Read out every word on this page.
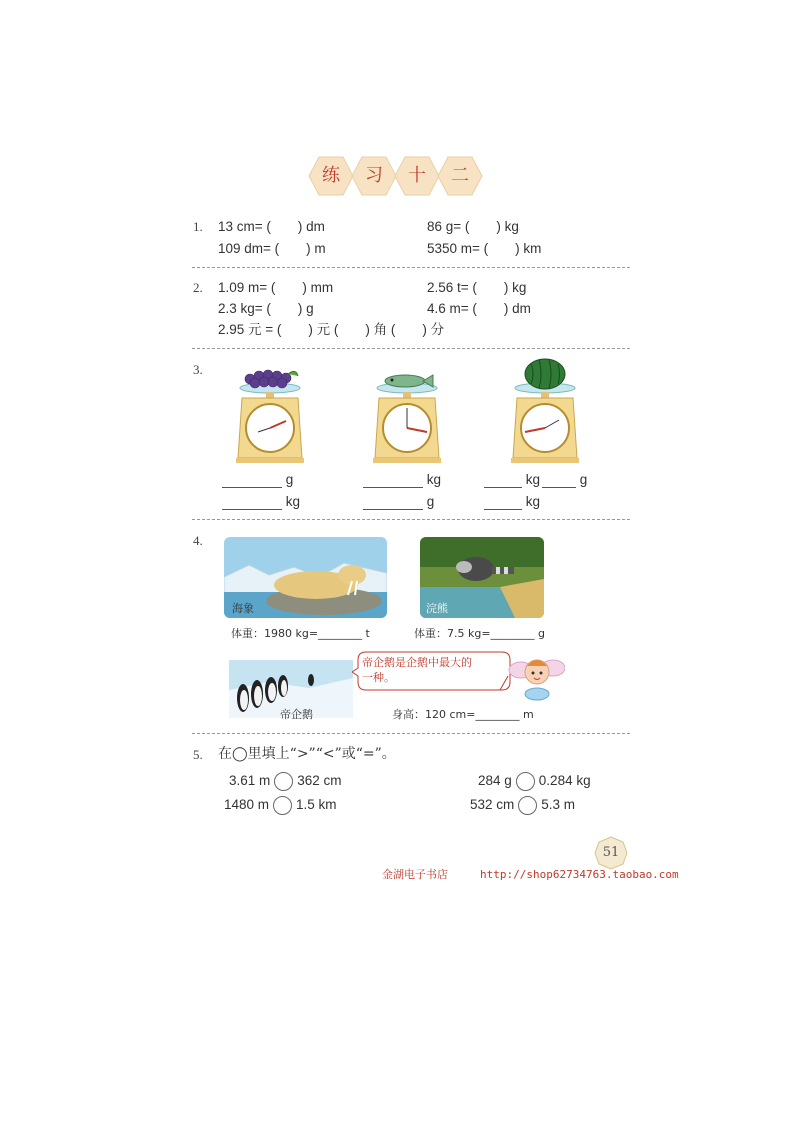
练	习	十	二
1. 13 cm= (　　) dm	86 g= (　　) kg
109 dm= (　　) m	5350 m= (　　) km
2. 1.09 m= (　　) mm	2.56 t= (　　) kg
2.3 kg= (　　) g	4.6 m= (　　) dm
2.95 元 = (　　) 元 (　　) 角 (　　) 分
3.
g
kg
kg
g
kg	g
kg
4.
海象	浣熊
体重：1980 kg=________ t	体重：7.5 kg=________ g
帝企鹅
帝企鹅是企鹅中最大的一种。
身高：120 cm=________ m
5. 在◯里填上“>”“<”或“=”。
3.61 m 362 cm	284 g 0.284 kg
1480 m 1.5 km	532 cm 5.3 m
51
金湖电子书店	http://shop62734763.taobao.com
